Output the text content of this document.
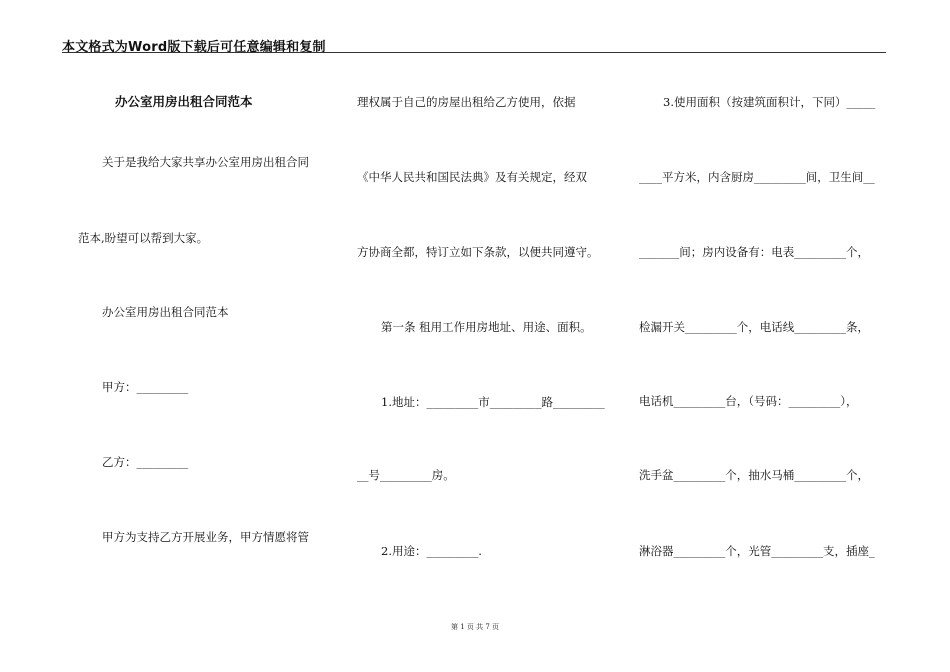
本文格式为Word版下载后可任意编辑和复制
办公室用房出租合同范本
关于是我给大家共享办公室用房出租合同
范本,盼望可以帮到大家。
办公室用房出租合同范本
甲方：_________
乙方：_________
甲方为支持乙方开展业务，甲方情愿将管
理权属于自己的房屋出租给乙方使用，依据
《中华人民共和国民法典》及有关规定，经双
方协商全都，特订立如下条款，以便共同遵守。
第一条 租用工作用房地址、用途、面积。
1.地址：_________市_________路_________
__号_________房。
2.用途：_________.
3.使用面积（按建筑面积计，下同）_____
____平方米，内含厨房_________间，卫生间__
_______间；房内设备有：电表_________个，
检漏开关_________个，电话线_________条，
电话机_________台，（号码：_________），
洗手盆_________个，抽水马桶_________个，
淋浴器_________个，光管_________支，插座_
第 1 页 共 7 页
